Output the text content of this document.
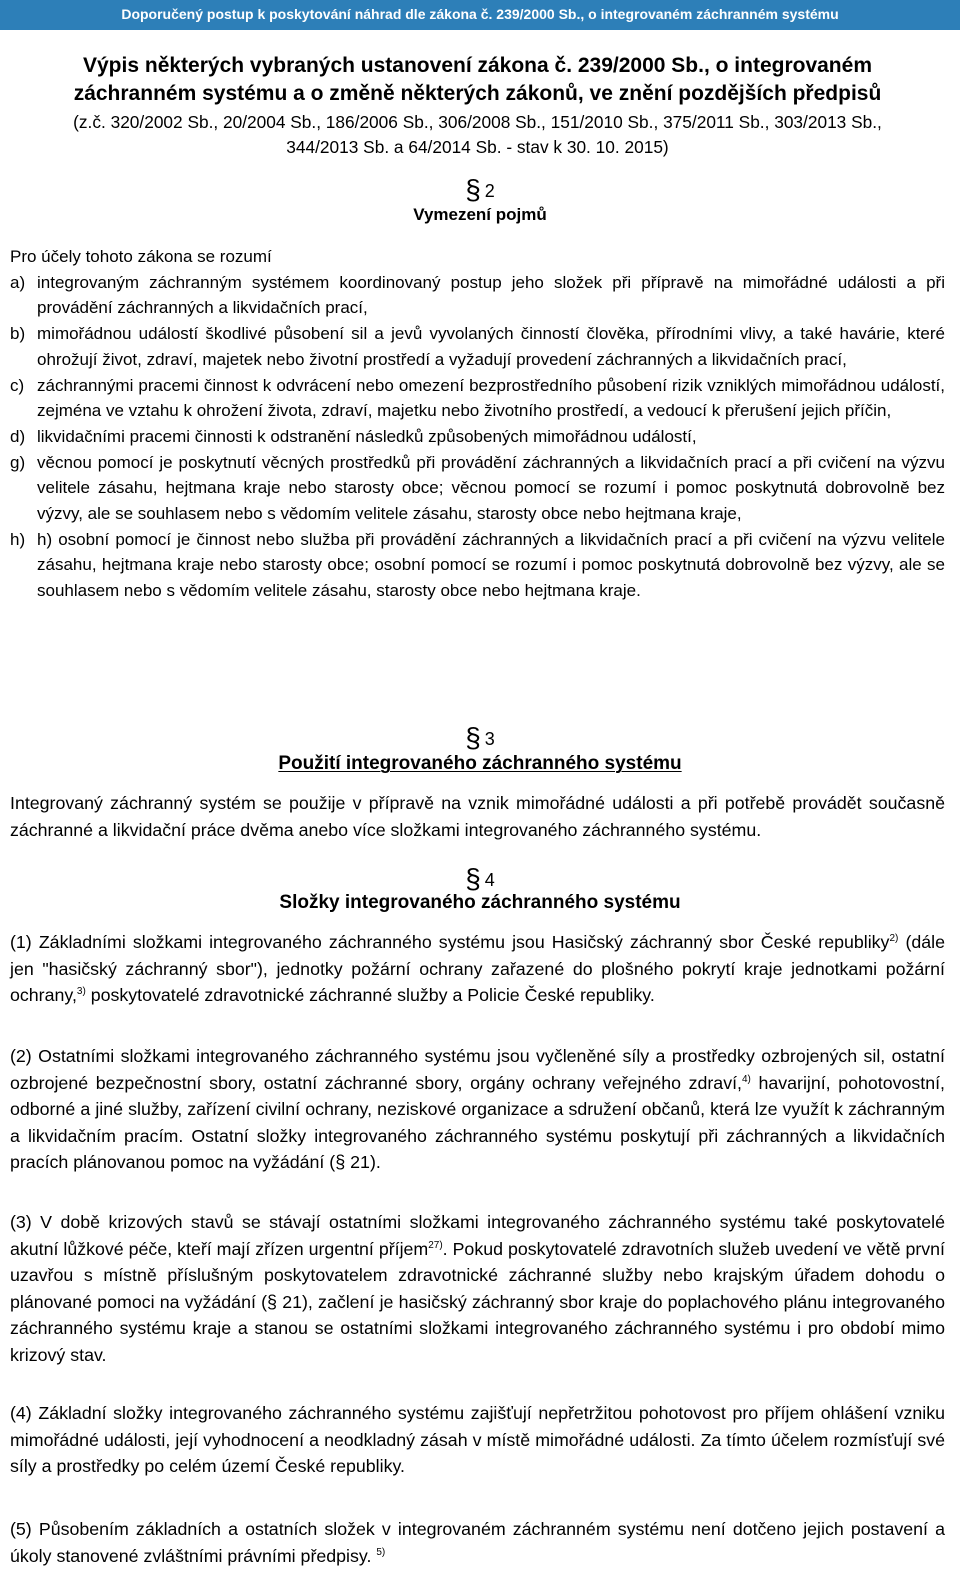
Doporučený postup k poskytování náhrad dle zákona č. 239/2000 Sb., o integrovaném záchranném systému
Výpis některých vybraných ustanovení zákona č. 239/2000 Sb., o integrovaném
záchranném systému a o změně některých zákonů, ve znění pozdějších předpisů
(z.č. 320/2002 Sb., 20/2004 Sb., 186/2006 Sb., 306/2008 Sb., 151/2010 Sb., 375/2011 Sb., 303/2013 Sb.,
344/2013 Sb. a 64/2014 Sb. - stav k 30. 10. 2015)
§ 2
Vymezení pojmů
Pro účely tohoto zákona se rozumí
a) integrovaným záchranným systémem koordinovaný postup jeho složek při přípravě na mimořádné události a při provádění záchranných a likvidačních prací,
b) mimořádnou událostí škodlivé působení sil a jevů vyvolaných činností člověka, přírodními vlivy, a také havárie, které ohrožují život, zdraví, majetek nebo životní prostředí a vyžadují provedení záchranných a likvidačních prací,
c) záchrannými pracemi činnost k odvrácení nebo omezení bezprostředního působení rizik vzniklých mimořádnou událostí, zejména ve vztahu k ohrožení života, zdraví, majetku nebo životního prostředí, a vedoucí k přerušení jejich příčin,
d) likvidačními pracemi činnosti k odstranění následků způsobených mimořádnou událostí,
g) věcnou pomocí je poskytnutí věcných prostředků při provádění záchranných a likvidačních prací a při cvičení na výzvu velitele zásahu, hejtmana kraje nebo starosty obce; věcnou pomocí se rozumí i pomoc poskytnutá dobrovolně bez výzvy, ale se souhlasem nebo s vědomím velitele zásahu, starosty obce nebo hejtmana kraje,
h) h) osobní pomocí je činnost nebo služba při provádění záchranných a likvidačních prací a při cvičení na výzvu velitele zásahu, hejtmana kraje nebo starosty obce; osobní pomocí se rozumí i pomoc poskytnutá dobrovolně bez výzvy, ale se souhlasem nebo s vědomím velitele zásahu, starosty obce nebo hejtmana kraje.
§ 3
Použití integrovaného záchranného systému
Integrovaný záchranný systém se použije v přípravě na vznik mimořádné události a při potřebě provádět současně záchranné a likvidační práce dvěma anebo více složkami integrovaného záchranného systému.
§ 4
Složky integrovaného záchranného systému
(1) Základními složkami integrovaného záchranného systému jsou Hasičský záchranný sbor České republiky$^{2)}$ (dále jen "hasičský záchranný sbor"), jednotky požární ochrany zařazené do plošného pokrytí kraje jednotkami požární ochrany,$^{3)}$ poskytovatelé zdravotnické záchranné služby a Policie České republiky.
(2) Ostatními složkami integrovaného záchranného systému jsou vyčleněné síly a prostředky ozbrojených sil, ostatní ozbrojené bezpečnostní sbory, ostatní záchranné sbory, orgány ochrany veřejného zdraví,$^{4)}$ havarijní, pohotovostní, odborné a jiné služby, zařízení civilní ochrany, neziskové organizace a sdružení občanů, která lze využít k záchranným a likvidačním pracím. Ostatní složky integrovaného záchranného systému poskytují při záchranných a likvidačních pracích plánovanou pomoc na vyžádání (§ 21).
(3) V době krizových stavů se stávají ostatními složkami integrovaného záchranného systému také poskytovatelé akutní lůžkové péče, kteří mají zřízen urgentní příjem$^{27)}$. Pokud poskytovatelé zdravotních služeb uvedení ve větě první uzavřou s místně příslušným poskytovatelem zdravotnické záchranné služby nebo krajským úřadem dohodu o plánované pomoci na vyžádání (§ 21), začlení je hasičský záchranný sbor kraje do poplachového plánu integrovaného záchranného systému kraje a stanou se ostatními složkami integrovaného záchranného systému i pro období mimo krizový stav.
(4) Základní složky integrovaného záchranného systému zajišťují nepřetržitou pohotovost pro příjem ohlášení vzniku mimořádné události, její vyhodnocení a neodkladný zásah v místě mimořádné události. Za tímto účelem rozmísťují své síly a prostředky po celém území České republiky.
(5) Působením základních a ostatních složek v integrovaném záchranném systému není dotčeno jejich postavení a úkoly stanovené zvláštními právními předpisy. $^{5)}$
